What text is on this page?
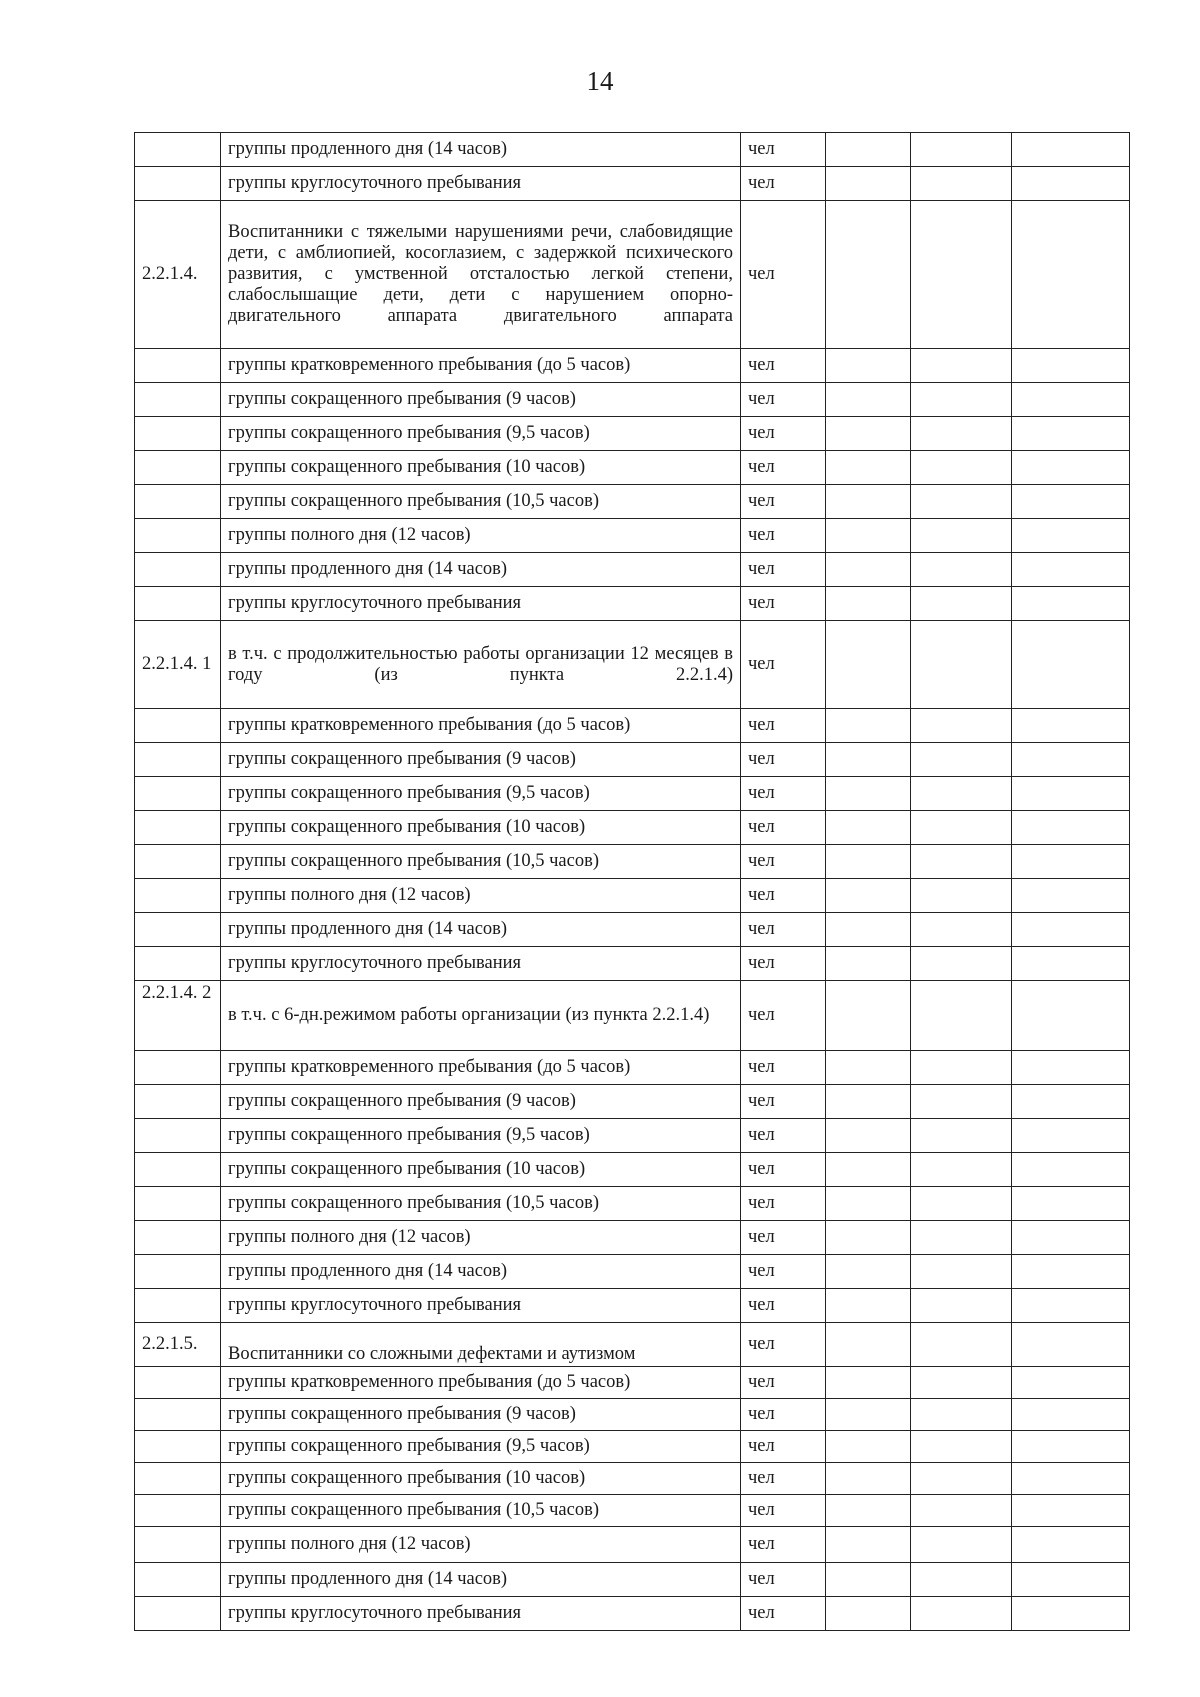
14
	группы продленного дня (14 часов)	чел			
	группы круглосуточного пребывания	чел			
2.2.1.4.	Воспитанники с тяжелыми нарушениями речи, слабовидящие дети, с амблиопией, косоглазием, с задержкой психического развития, с умственной отсталостью легкой степени, слабослышащие дети, дети с нарушением опорно-двигательного аппарата двигательного аппарата	чел			
	группы кратковременного пребывания (до 5 часов)	чел			
	группы сокращенного пребывания (9 часов)	чел			
	группы сокращенного пребывания (9,5 часов)	чел			
	группы сокращенного пребывания (10 часов)	чел			
	группы сокращенного пребывания (10,5 часов)	чел			
	группы полного дня (12 часов)	чел			
	группы продленного дня (14 часов)	чел			
	группы круглосуточного пребывания	чел			
2.2.1.4. 1	в т.ч. с продолжительностью работы организации 12 месяцев в году (из пункта 2.2.1.4)	чел			
	группы кратковременного пребывания (до 5 часов)	чел			
	группы сокращенного пребывания (9 часов)	чел			
	группы сокращенного пребывания (9,5 часов)	чел			
	группы сокращенного пребывания (10 часов)	чел			
	группы сокращенного пребывания (10,5 часов)	чел			
	группы полного дня (12 часов)	чел			
	группы продленного дня (14 часов)	чел			
	группы круглосуточного пребывания	чел			
2.2.1.4. 2	в т.ч. с 6-дн.режимом работы организации (из пункта 2.2.1.4)	чел			
	группы кратковременного пребывания (до 5 часов)	чел			
	группы сокращенного пребывания (9 часов)	чел			
	группы сокращенного пребывания (9,5 часов)	чел			
	группы сокращенного пребывания (10 часов)	чел			
	группы сокращенного пребывания (10,5 часов)	чел			
	группы полного дня (12 часов)	чел			
	группы продленного дня (14 часов)	чел			
	группы круглосуточного пребывания	чел			
2.2.1.5.	Воспитанники со сложными дефектами и аутизмом	чел			
	группы кратковременного пребывания (до 5 часов)	чел			
	группы сокращенного пребывания (9 часов)	чел			
	группы сокращенного пребывания (9,5 часов)	чел			
	группы сокращенного пребывания (10 часов)	чел			
	группы сокращенного пребывания (10,5 часов)	чел			
	группы полного дня (12 часов)	чел			
	группы продленного дня (14 часов)	чел			
	группы круглосуточного пребывания	чел			
